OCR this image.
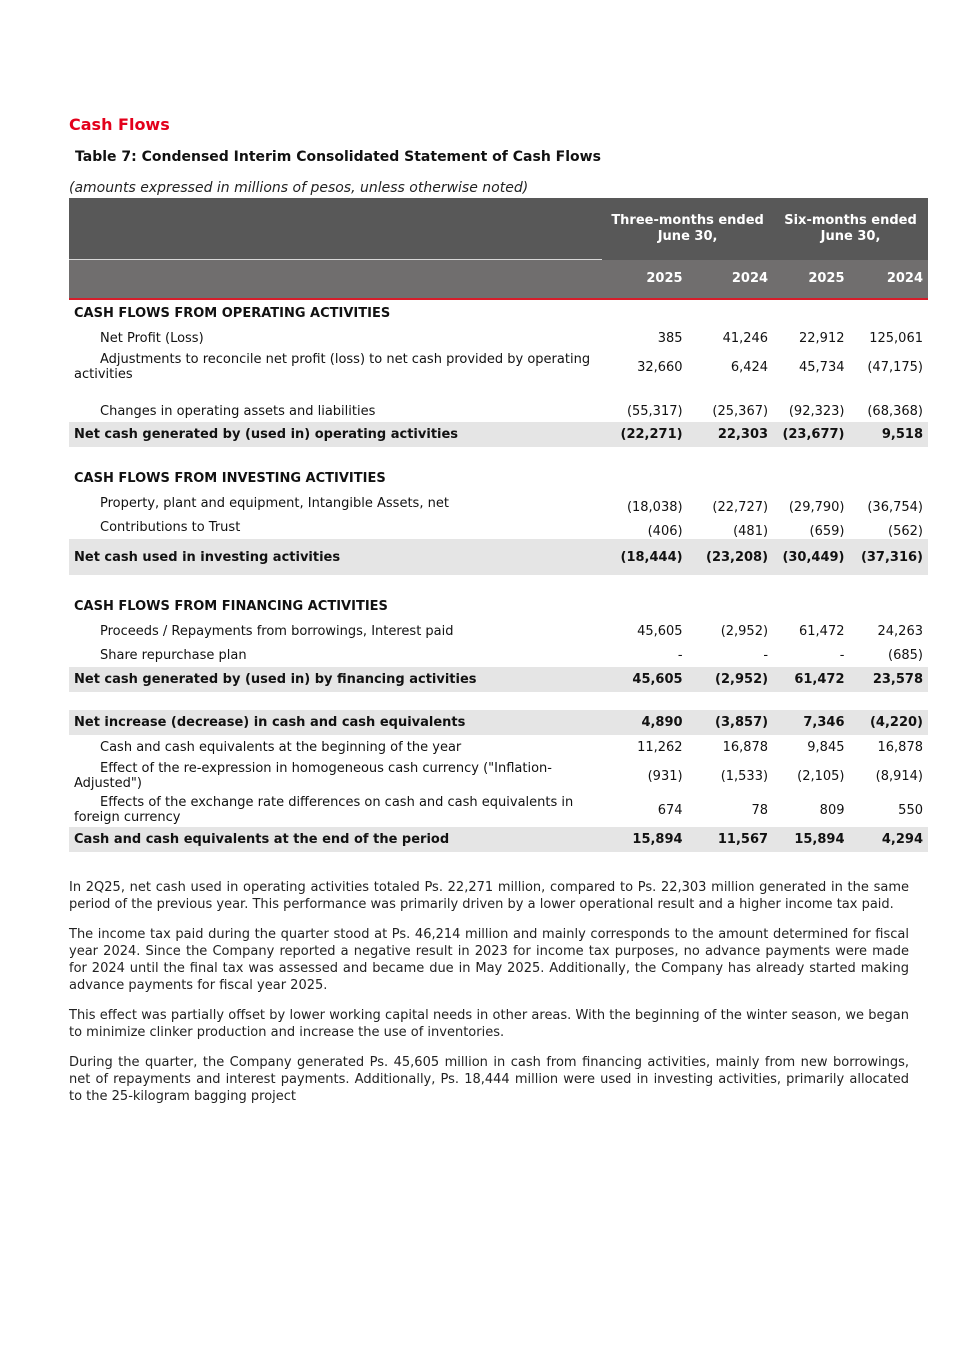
Cash Flows
Table 7: Condensed Interim Consolidated Statement of Cash Flows
(amounts expressed in millions of pesos, unless otherwise noted)
	Three-months ended June 30,		Six-months ended June 30,	
	2025	2024	2025	2024

CASH FLOWS FROM OPERATING ACTIVITIES				
Net Profit (Loss)	385	41,246	22,912	125,061
Adjustments to reconcile net profit (loss) to net cash provided by operating activities	32,660	6,424	45,734	(47,175)
Changes in operating assets and liabilities	(55,317)	(25,367)	(92,323)	(68,368)
Net cash generated by (used in) operating activities	(22,271)	22,303	(23,677)	9,518

CASH FLOWS FROM INVESTING ACTIVITIES				
Property, plant and equipment, Intangible Assets, net	(18,038)	(22,727)	(29,790)	(36,754)
Contributions to Trust	(406)	(481)	(659)	(562)
Net cash used in investing activities	(18,444)	(23,208)	(30,449)	(37,316)

CASH FLOWS FROM FINANCING ACTIVITIES				
Proceeds / Repayments from borrowings, Interest paid	45,605	(2,952)	61,472	24,263
Share repurchase plan	-	-	-	(685)
Net cash generated by (used in) by financing activities	45,605	(2,952)	61,472	23,578

Net increase (decrease) in cash and cash equivalents	4,890	(3,857)	7,346	(4,220)
Cash and cash equivalents at the beginning of the year	11,262	16,878	9,845	16,878
Effect of the re-expression in homogeneous cash currency ("Inflation-Adjusted")	(931)	(1,533)	(2,105)	(8,914)
Effects of the exchange rate differences on cash and cash equivalents in foreign currency	674	78	809	550
Cash and cash equivalents at the end of the period	15,894	11,567	15,894	4,294

In 2Q25, net cash used in operating activities totaled Ps. 22,271 million, compared to Ps. 22,303 million generated in the same period of the previous year. This performance was primarily driven by a lower operational result and a higher income tax paid.

The income tax paid during the quarter stood at Ps. 46,214 million and mainly corresponds to the amount determined for fiscal year 2024. Since the Company reported a negative result in 2023 for income tax purposes, no advance payments were made for 2024 until the final tax was assessed and became due in May 2025. Additionally, the Company has already started making advance payments for fiscal year 2025.

This effect was partially offset by lower working capital needs in other areas. With the beginning of the winter season, we began to minimize clinker production and increase the use of inventories.

During the quarter, the Company generated Ps. 45,605 million in cash from financing activities, mainly from new borrowings, net of repayments and interest payments. Additionally, Ps. 18,444 million were used in investing activities, primarily allocated to the 25-kilogram bagging project
